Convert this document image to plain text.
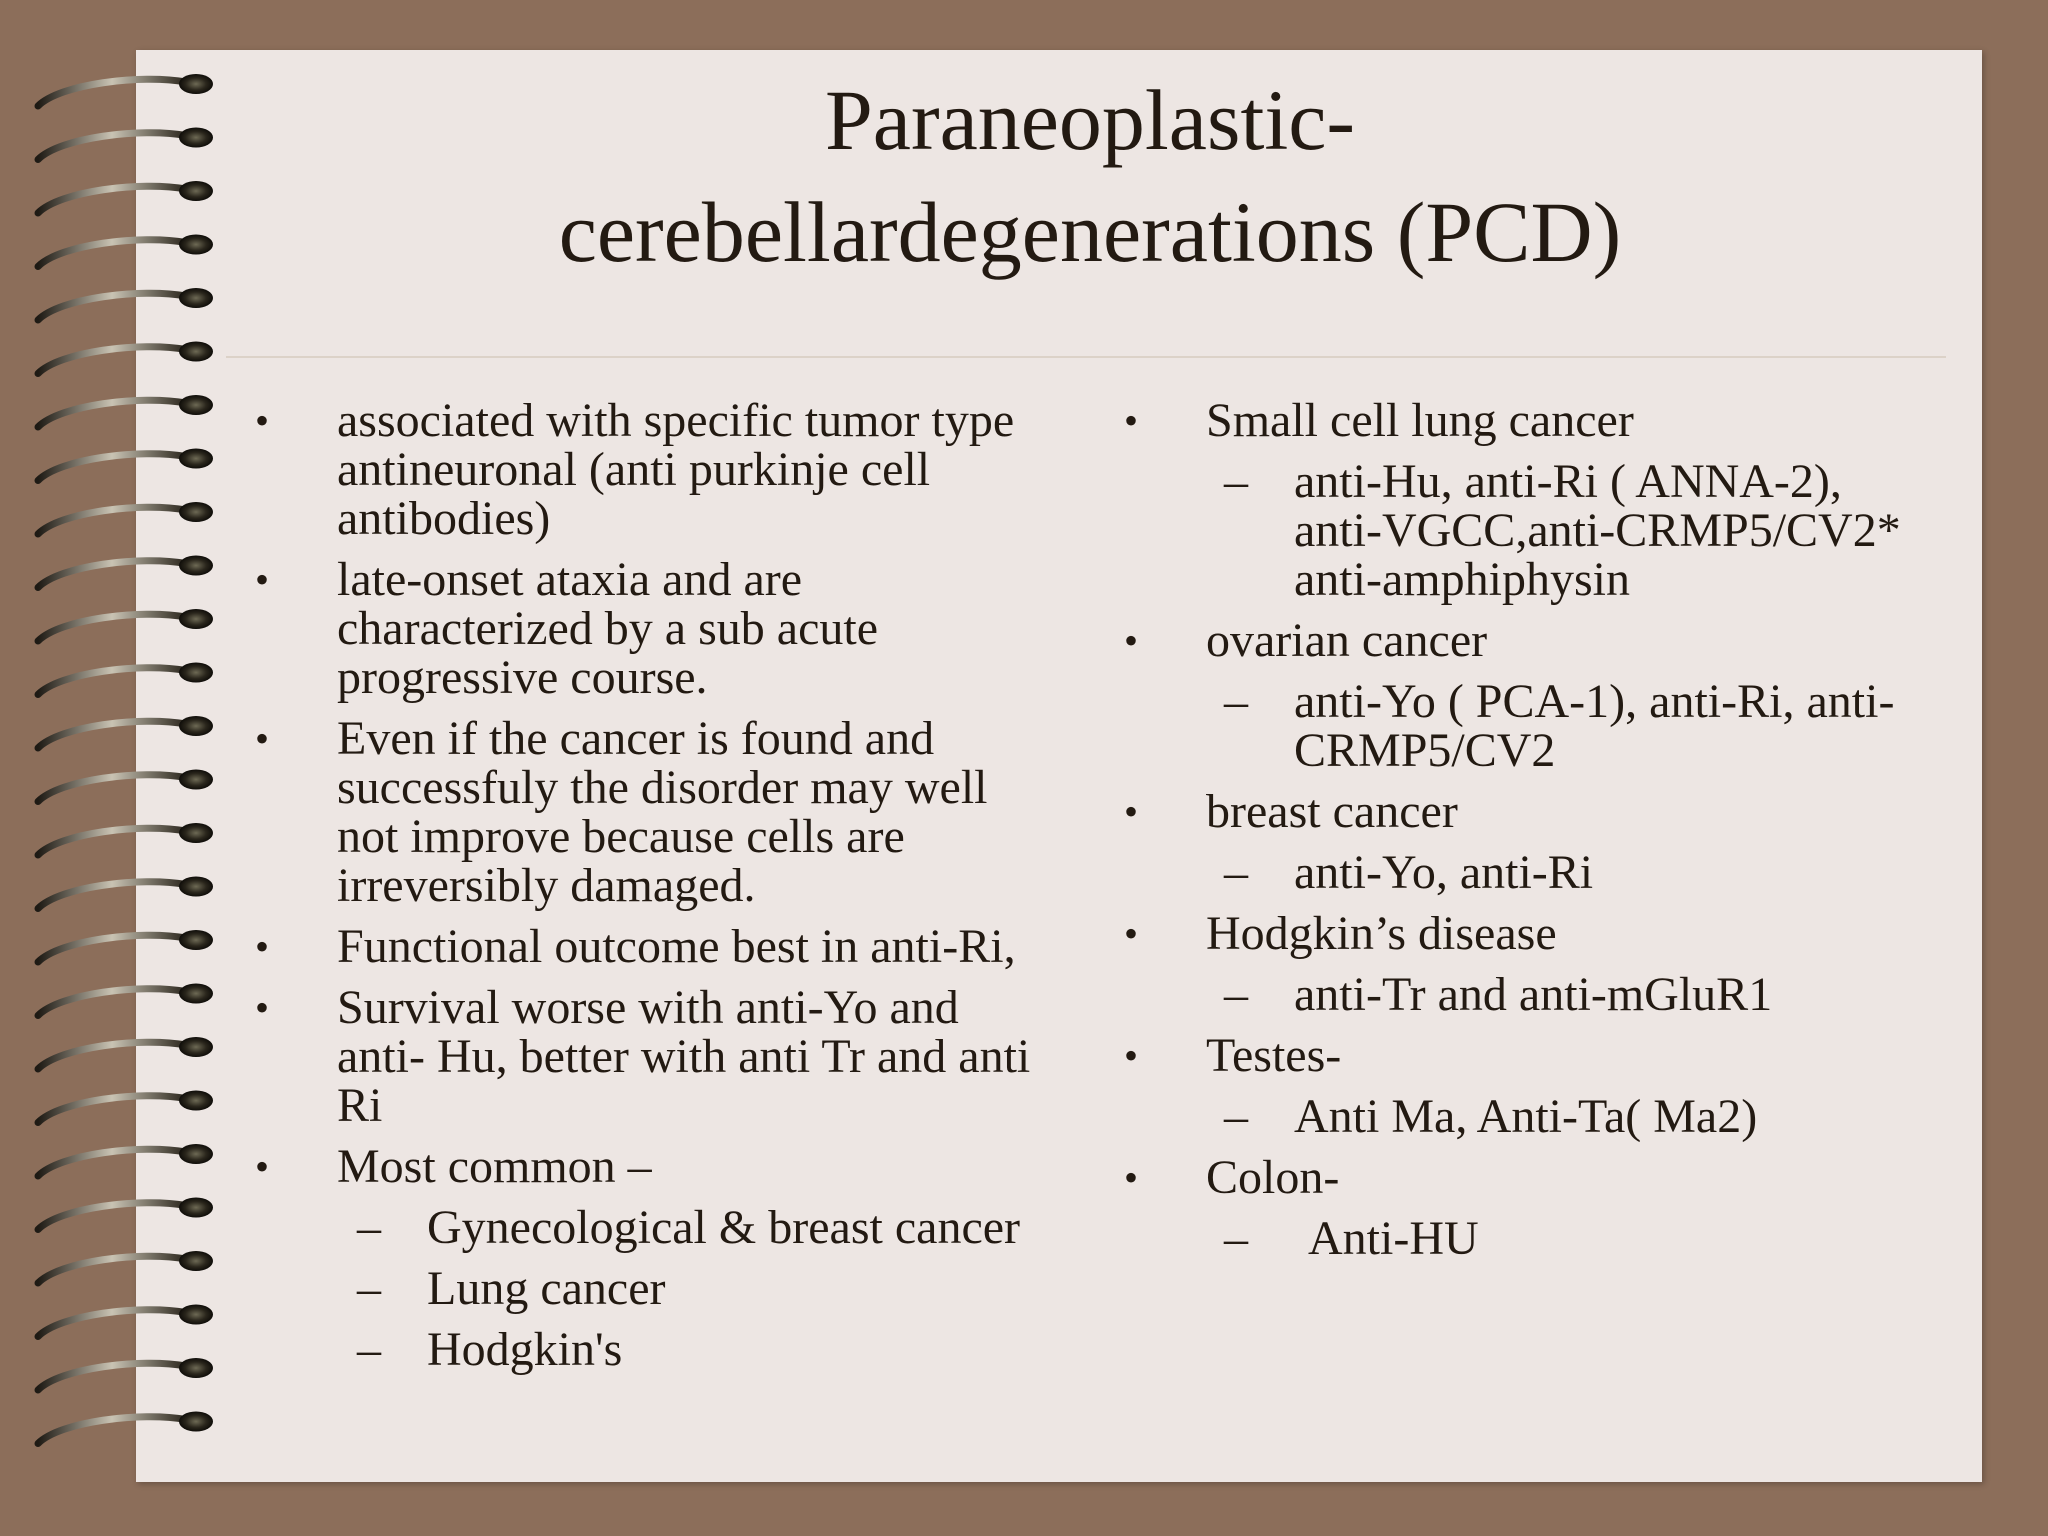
Paraneoplastic-
cerebellardegenerations (PCD)
•	associated with specific tumor type antineuronal (anti purkinje cell antibodies)
•	late-onset ataxia and are characterized by a sub acute progressive course.
•	Even if the cancer is found and successfuly the disorder may well not improve because cells are irreversibly damaged.
•	Functional outcome best in anti-Ri,
•	Survival worse with anti-Yo and anti- Hu, better with anti Tr and anti Ri
•	Most common –
– Gynecological & breast cancer
– Lung cancer
– Hodgkin's
•	Small cell lung cancer
– anti-Hu, anti-Ri ( ANNA-2), anti-VGCC,anti-CRMP5/CV2* anti-amphiphysin
•	ovarian cancer
– anti-Yo ( PCA-1), anti-Ri, anti-CRMP5/CV2
•	breast cancer
– anti-Yo, anti-Ri
•	Hodgkin’s disease
– anti-Tr and anti-mGluR1
•	Testes-
– Anti Ma, Anti-Ta( Ma2)
•	Colon-
– Anti-HU
